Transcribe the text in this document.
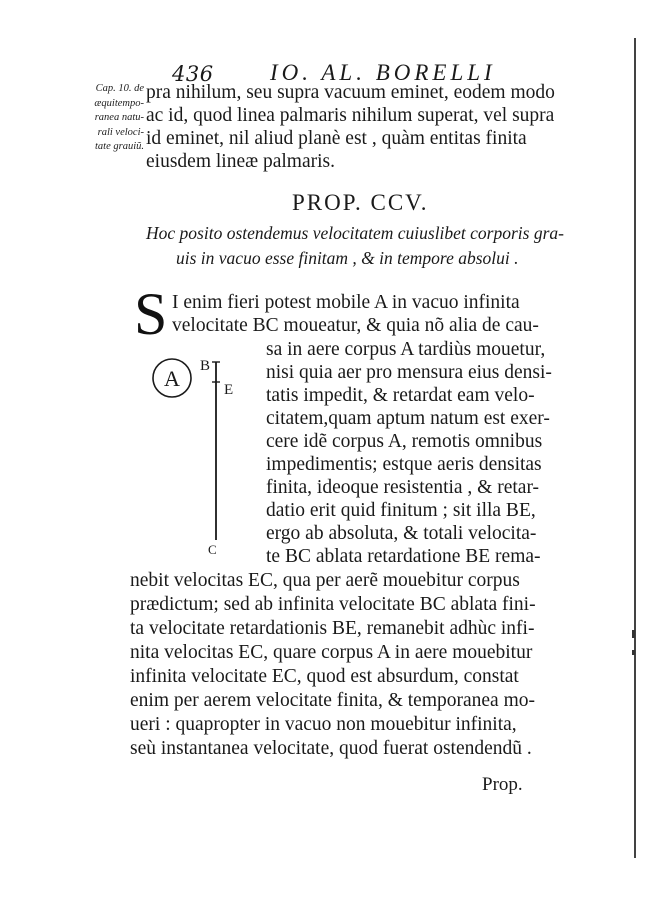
436 IO. AL. BORELLI
Cap. 10. de
æquitempo-
ranea natu-
rali veloci-
tate grauiũ.
pra nihilum, seu supra vacuum eminet, eodem modo
ac id, quod linea palmaris nihilum superat, vel supra
id eminet, nil aliud planè est , quàm entitas finita
eiusdem lineæ palmaris.
PROP. CCV.
Hoc posito ostendemus velocitatem cuiuslibet corporis gra-
uis in vacuo esse finitam , & in tempore absolui .
S I enim fieri potest mobile A in vacuo infinita
velocitate BC moueatur, & quia nõ alia de cau-
sa in aere corpus A tardiùs mouetur,
nisi quia aer pro mensura eius densi-
tatis impedit, & retardat eam velo-
citatem,quam aptum natum est exer-
cere idẽ corpus A, remotis omnibus
impedimentis; estque aeris densitas
finita, ideoque resistentia , & retar-
datio erit quid finitum ; sit illa BE,
ergo ab absoluta, & totali velocita-
te BC ablata retardatione BE rema-
nebit velocitas EC, qua per aerẽ mouebitur corpus
prædictum; sed ab infinita velocitate BC ablata fini-
ta velocitate retardationis BE, remanebit adhùc infi-
nita velocitas EC, quare corpus A in aere mouebitur
infinita velocitate EC, quod est absurdum, constat
enim per aerem velocitate finita, & temporanea mo-
ueri : quapropter in vacuo non mouebitur infinita,
seù instantanea velocitate, quod fuerat ostendendũ .
A B
E
C
Prop.
